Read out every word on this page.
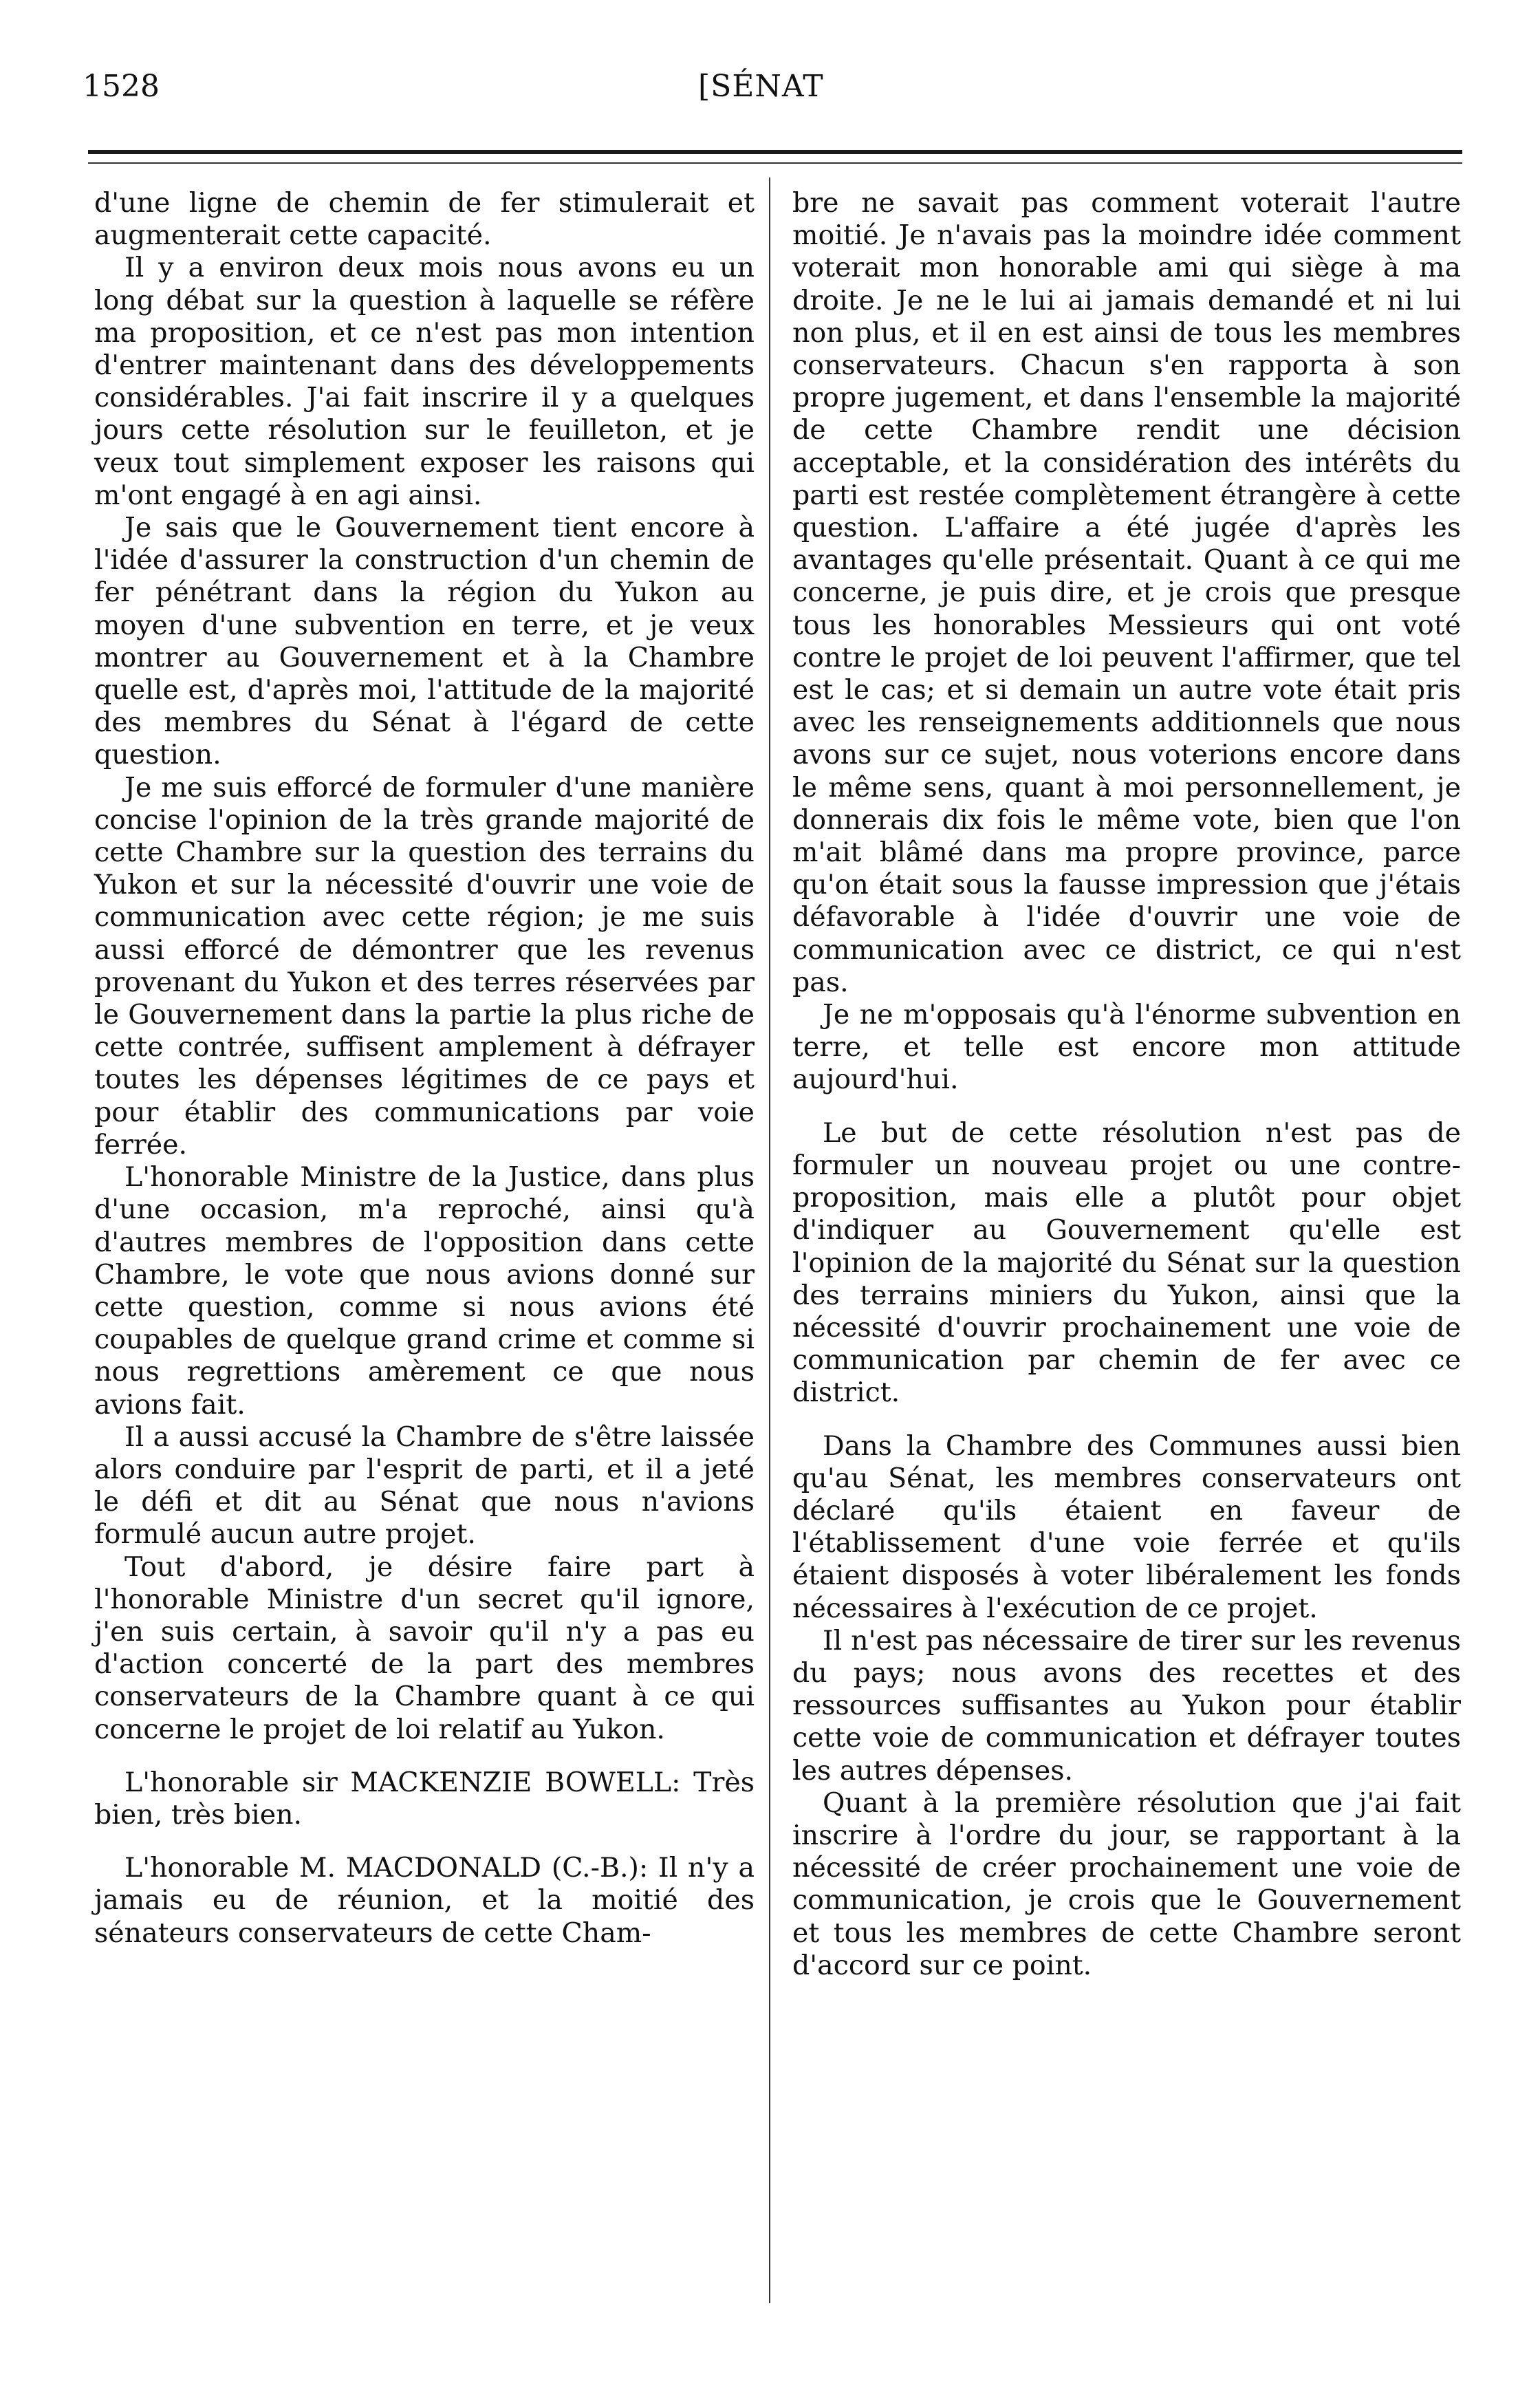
1528	[SÉNAT

d'une ligne de chemin de fer stimulerait et augmenterait cette capacité.

Il y a environ deux mois nous avons eu un long débat sur la question à laquelle se réfère ma proposition, et ce n'est pas mon intention d'entrer maintenant dans des développements considérables. J'ai fait inscrire il y a quelques jours cette résolution sur le feuilleton, et je veux tout simplement exposer les raisons qui m'ont engagé à en agi ainsi.

Je sais que le Gouvernement tient encore à l'idée d'assurer la construction d'un chemin de fer pénétrant dans la région du Yukon au moyen d'une subvention en terre, et je veux montrer au Gouvernement et à la Chambre quelle est, d'après moi, l'attitude de la majorité des membres du Sénat à l'égard de cette question.

Je me suis efforcé de formuler d'une manière concise l'opinion de la très grande majorité de cette Chambre sur la question des terrains du Yukon et sur la nécessité d'ouvrir une voie de communication avec cette région; je me suis aussi efforcé de démontrer que les revenus provenant du Yukon et des terres réservées par le Gouvernement dans la partie la plus riche de cette contrée, suffisent amplement à défrayer toutes les dépenses légitimes de ce pays et pour établir des communications par voie ferrée.

L'honorable Ministre de la Justice, dans plus d'une occasion, m'a reproché, ainsi qu'à d'autres membres de l'opposition dans cette Chambre, le vote que nous avions donné sur cette question, comme si nous avions été coupables de quelque grand crime et comme si nous regrettions amèrement ce que nous avions fait.

Il a aussi accusé la Chambre de s'être laissée alors conduire par l'esprit de parti, et il a jeté le défi et dit au Sénat que nous n'avions formulé aucun autre projet.

Tout d'abord, je désire faire part à l'honorable Ministre d'un secret qu'il ignore, j'en suis certain, à savoir qu'il n'y a pas eu d'action concerté de la part des membres conservateurs de la Chambre quant à ce qui concerne le projet de loi relatif au Yukon.

L'honorable sir MACKENZIE BOWELL: Très bien, très bien.

L'honorable M. MACDONALD (C.-B.): Il n'y a jamais eu de réunion, et la moitié des sénateurs conservateurs de cette Cham-

bre ne savait pas comment voterait l'autre moitié. Je n'avais pas la moindre idée comment voterait mon honorable ami qui siège à ma droite. Je ne le lui ai jamais demandé et ni lui non plus, et il en est ainsi de tous les membres conservateurs. Chacun s'en rapporta à son propre jugement, et dans l'ensemble la majorité de cette Chambre rendit une décision acceptable, et la considération des intérêts du parti est restée complètement étrangère à cette question. L'affaire a été jugée d'après les avantages qu'elle présentait. Quant à ce qui me concerne, je puis dire, et je crois que presque tous les honorables Messieurs qui ont voté contre le projet de loi peuvent l'affirmer, que tel est le cas; et si demain un autre vote était pris avec les renseignements additionnels que nous avons sur ce sujet, nous voterions encore dans le même sens, quant à moi personnellement, je donnerais dix fois le même vote, bien que l'on m'ait blâmé dans ma propre province, parce qu'on était sous la fausse impression que j'étais défavorable à l'idée d'ouvrir une voie de communication avec ce district, ce qui n'est pas.

Je ne m'opposais qu'à l'énorme subvention en terre, et telle est encore mon attitude aujourd'hui.

Le but de cette résolution n'est pas de formuler un nouveau projet ou une contre-proposition, mais elle a plutôt pour objet d'indiquer au Gouvernement qu'elle est l'opinion de la majorité du Sénat sur la question des terrains miniers du Yukon, ainsi que la nécessité d'ouvrir prochainement une voie de communication par chemin de fer avec ce district.

Dans la Chambre des Communes aussi bien qu'au Sénat, les membres conservateurs ont déclaré qu'ils étaient en faveur de l'établissement d'une voie ferrée et qu'ils étaient disposés à voter libéralement les fonds nécessaires à l'exécution de ce projet.

Il n'est pas nécessaire de tirer sur les revenus du pays; nous avons des recettes et des ressources suffisantes au Yukon pour établir cette voie de communication et défrayer toutes les autres dépenses.

Quant à la première résolution que j'ai fait inscrire à l'ordre du jour, se rapportant à la nécessité de créer prochainement une voie de communication, je crois que le Gouvernement et tous les membres de cette Chambre seront d'accord sur ce point.
